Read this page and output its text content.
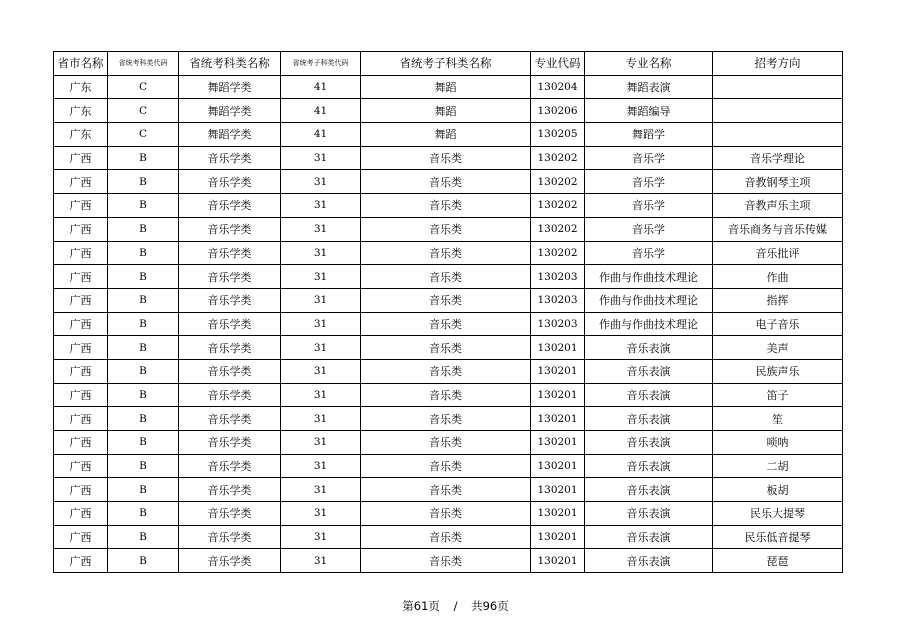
省市名称	省统考科类代码	省统考科类名称	省统考子科类代码	省统考子科类名称	专业代码	专业名称	招考方向
广东	C	舞蹈学类	41	舞蹈	130204	舞蹈表演	
广东	C	舞蹈学类	41	舞蹈	130206	舞蹈编导	
广东	C	舞蹈学类	41	舞蹈	130205	舞蹈学	
广西	B	音乐学类	31	音乐类	130202	音乐学	音乐学理论
广西	B	音乐学类	31	音乐类	130202	音乐学	音教钢琴主项
广西	B	音乐学类	31	音乐类	130202	音乐学	音教声乐主项
广西	B	音乐学类	31	音乐类	130202	音乐学	音乐商务与音乐传媒
广西	B	音乐学类	31	音乐类	130202	音乐学	音乐批评
广西	B	音乐学类	31	音乐类	130203	作曲与作曲技术理论	作曲
广西	B	音乐学类	31	音乐类	130203	作曲与作曲技术理论	指挥
广西	B	音乐学类	31	音乐类	130203	作曲与作曲技术理论	电子音乐
广西	B	音乐学类	31	音乐类	130201	音乐表演	美声
广西	B	音乐学类	31	音乐类	130201	音乐表演	民族声乐
广西	B	音乐学类	31	音乐类	130201	音乐表演	笛子
广西	B	音乐学类	31	音乐类	130201	音乐表演	笙
广西	B	音乐学类	31	音乐类	130201	音乐表演	唢呐
广西	B	音乐学类	31	音乐类	130201	音乐表演	二胡
广西	B	音乐学类	31	音乐类	130201	音乐表演	板胡
广西	B	音乐学类	31	音乐类	130201	音乐表演	民乐大提琴
广西	B	音乐学类	31	音乐类	130201	音乐表演	民乐低音提琴
广西	B	音乐学类	31	音乐类	130201	音乐表演	琵琶
第61页 / 共96页
